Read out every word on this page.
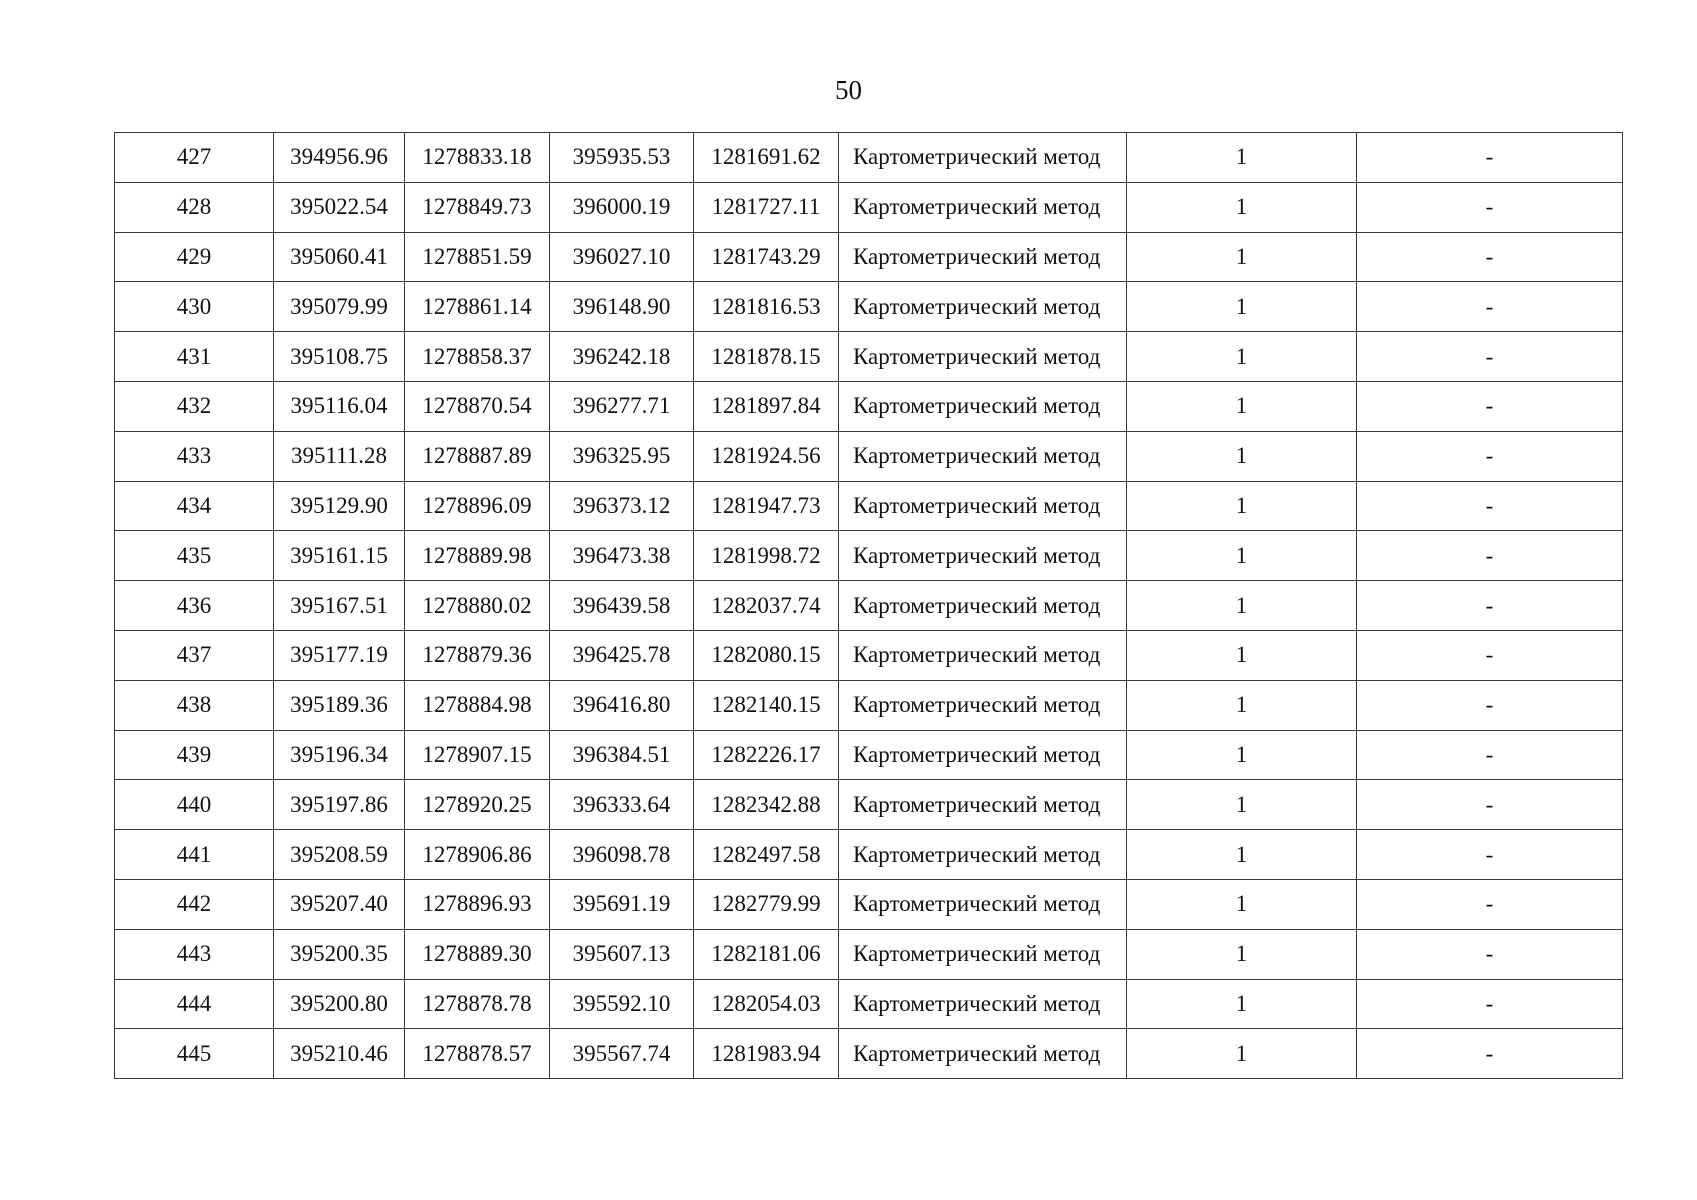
50
427	394956.96	1278833.18	395935.53	1281691.62	Картометрический метод	1	-
428	395022.54	1278849.73	396000.19	1281727.11	Картометрический метод	1	-
429	395060.41	1278851.59	396027.10	1281743.29	Картометрический метод	1	-
430	395079.99	1278861.14	396148.90	1281816.53	Картометрический метод	1	-
431	395108.75	1278858.37	396242.18	1281878.15	Картометрический метод	1	-
432	395116.04	1278870.54	396277.71	1281897.84	Картометрический метод	1	-
433	395111.28	1278887.89	396325.95	1281924.56	Картометрический метод	1	-
434	395129.90	1278896.09	396373.12	1281947.73	Картометрический метод	1	-
435	395161.15	1278889.98	396473.38	1281998.72	Картометрический метод	1	-
436	395167.51	1278880.02	396439.58	1282037.74	Картометрический метод	1	-
437	395177.19	1278879.36	396425.78	1282080.15	Картометрический метод	1	-
438	395189.36	1278884.98	396416.80	1282140.15	Картометрический метод	1	-
439	395196.34	1278907.15	396384.51	1282226.17	Картометрический метод	1	-
440	395197.86	1278920.25	396333.64	1282342.88	Картометрический метод	1	-
441	395208.59	1278906.86	396098.78	1282497.58	Картометрический метод	1	-
442	395207.40	1278896.93	395691.19	1282779.99	Картометрический метод	1	-
443	395200.35	1278889.30	395607.13	1282181.06	Картометрический метод	1	-
444	395200.80	1278878.78	395592.10	1282054.03	Картометрический метод	1	-
445	395210.46	1278878.57	395567.74	1281983.94	Картометрический метод	1	-
